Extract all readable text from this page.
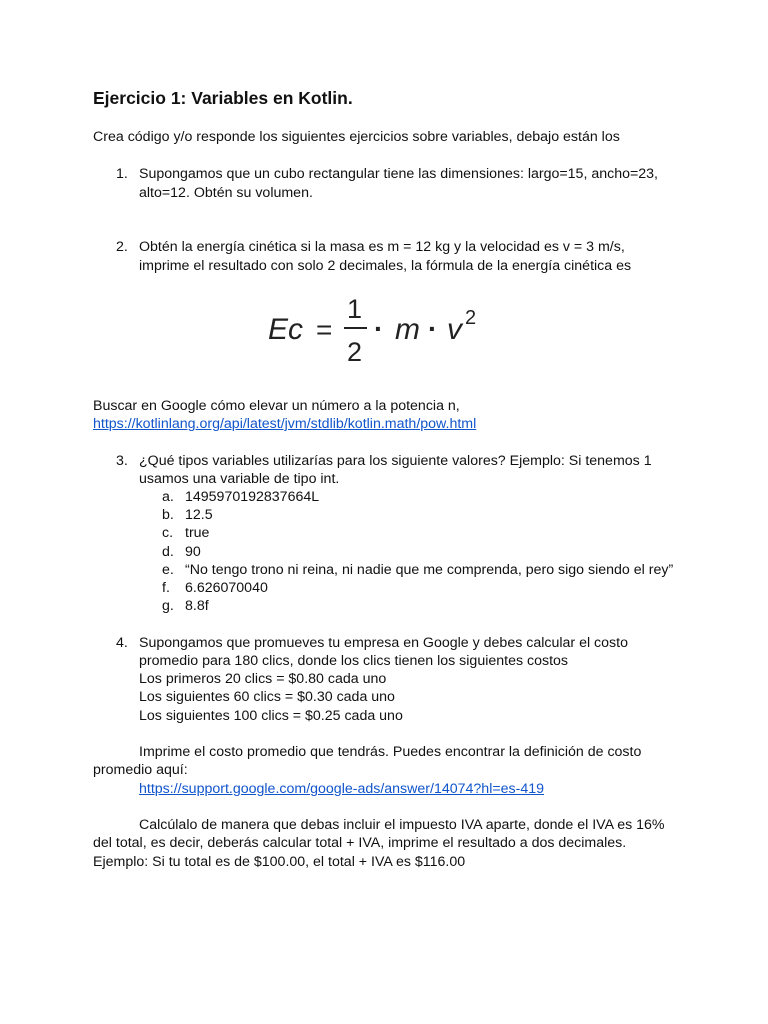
Ejercicio 1: Variables en Kotlin.
Crea código y/o responde los siguientes ejercicios sobre variables, debajo están los
1. Supongamos que un cubo rectangular tiene las dimensiones: largo=15, ancho=23,
alto=12. Obtén su volumen.
2. Obtén la energía cinética si la masa es m = 12 kg y la velocidad es v = 3 m/s,
imprime el resultado con solo 2 decimales, la fórmula de la energía cinética es
Ec =
1
2
· m · v 2
Buscar en Google cómo elevar un número a la potencia n,
https://kotlinlang.org/api/latest/jvm/stdlib/kotlin.math/pow.html
3. ¿Qué tipos variables utilizarías para los siguiente valores? Ejemplo: Si tenemos 1
usamos una variable de tipo int.
a. 1495970192837664L
b. 12.5
c. true
d. 90
e. “No tengo trono ni reina, ni nadie que me comprenda, pero sigo siendo el rey”
f. 6.626070040
g. 8.8f
4. Supongamos que promueves tu empresa en Google y debes calcular el costo
promedio para 180 clics, donde los clics tienen los siguientes costos
Los primeros 20 clics = $0.80 cada uno
Los siguientes 60 clics = $0.30 cada uno
Los siguientes 100 clics = $0.25 cada uno
Imprime el costo promedio que tendrás. Puedes encontrar la definición de costo
promedio aquí:
https://support.google.com/google-ads/answer/14074?hl=es-419
Calcúlalo de manera que debas incluir el impuesto IVA aparte, donde el IVA es 16%
del total, es decir, deberás calcular total + IVA, imprime el resultado a dos decimales.
Ejemplo: Si tu total es de $100.00, el total + IVA es $116.00
